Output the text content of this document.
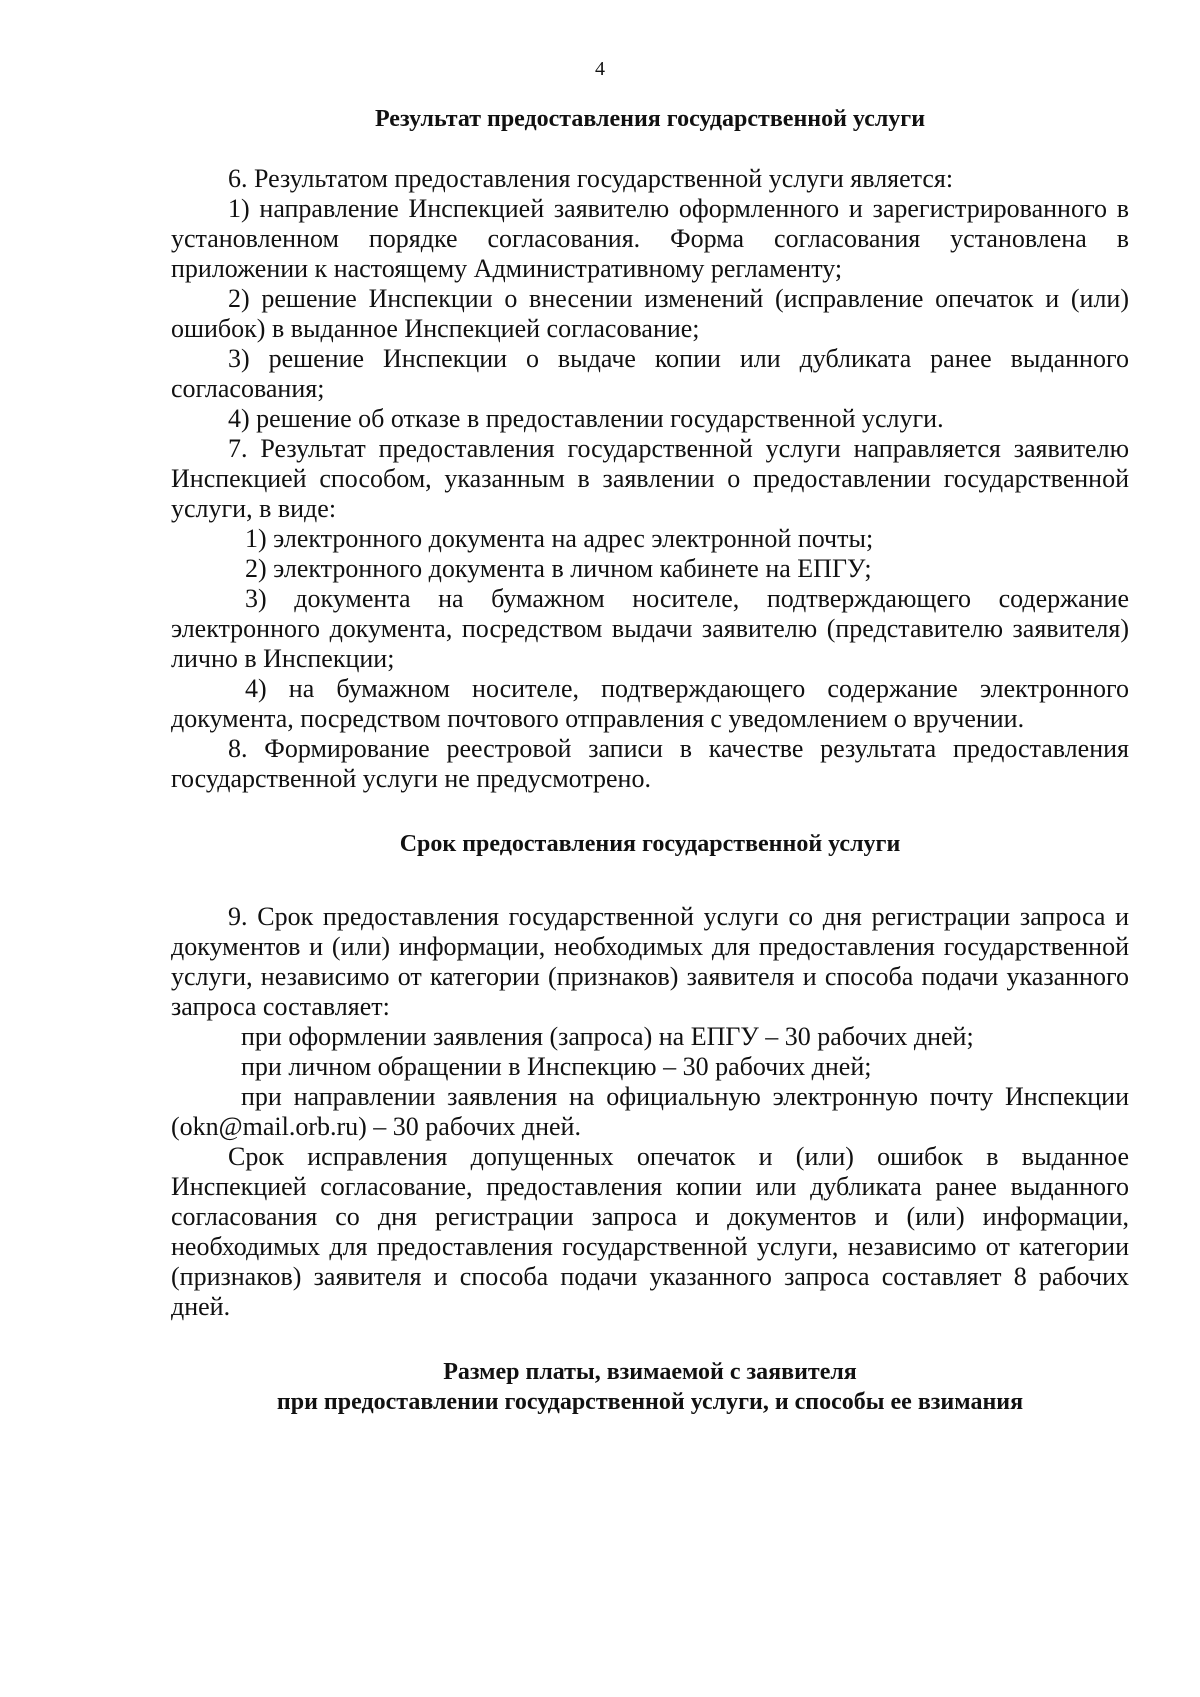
4

Результат предоставления государственной услуги

6. Результатом предоставления государственной услуги является:

1) направление Инспекцией заявителю оформленного и зарегистрированного в установленном порядке согласования. Форма согласования установлена в приложении к настоящему Административному регламенту;

2) решение Инспекции о внесении изменений (исправление опечаток и (или) ошибок) в выданное Инспекцией согласование;

3) решение Инспекции о выдаче копии или дубликата ранее выданного согласования;

4) решение об отказе в предоставлении государственной услуги.

7. Результат предоставления государственной услуги направляется заявителю Инспекцией способом, указанным в заявлении о предоставлении государственной услуги, в виде:

1) электронного документа на адрес электронной почты;

2) электронного документа в личном кабинете на ЕПГУ;

3) документа на бумажном носителе, подтверждающего содержание электронного документа, посредством выдачи заявителю (представителю заявителя) лично в Инспекции;

4) на бумажном носителе, подтверждающего содержание электронного документа, посредством почтового отправления с уведомлением о вручении.

8. Формирование реестровой записи в качестве результата предоставления государственной услуги не предусмотрено.

Срок предоставления государственной услуги

9. Срок предоставления государственной услуги со дня регистрации запроса и документов и (или) информации, необходимых для предоставления государственной услуги, независимо от категории (признаков) заявителя и способа подачи указанного запроса составляет:

при оформлении заявления (запроса) на ЕПГУ – 30 рабочих дней;

при личном обращении в Инспекцию – 30 рабочих дней;

при направлении заявления на официальную электронную почту Инспекции (okn@mail.orb.ru) – 30 рабочих дней.

Срок исправления допущенных опечаток и (или) ошибок в выданное Инспекцией согласование, предоставления копии или дубликата ранее выданного согласования со дня регистрации запроса и документов и (или) информации, необходимых для предоставления государственной услуги, независимо от категории (признаков) заявителя и способа подачи указанного запроса составляет 8 рабочих дней.

Размер платы, взимаемой с заявителя

при предоставлении государственной услуги, и способы ее взимания
